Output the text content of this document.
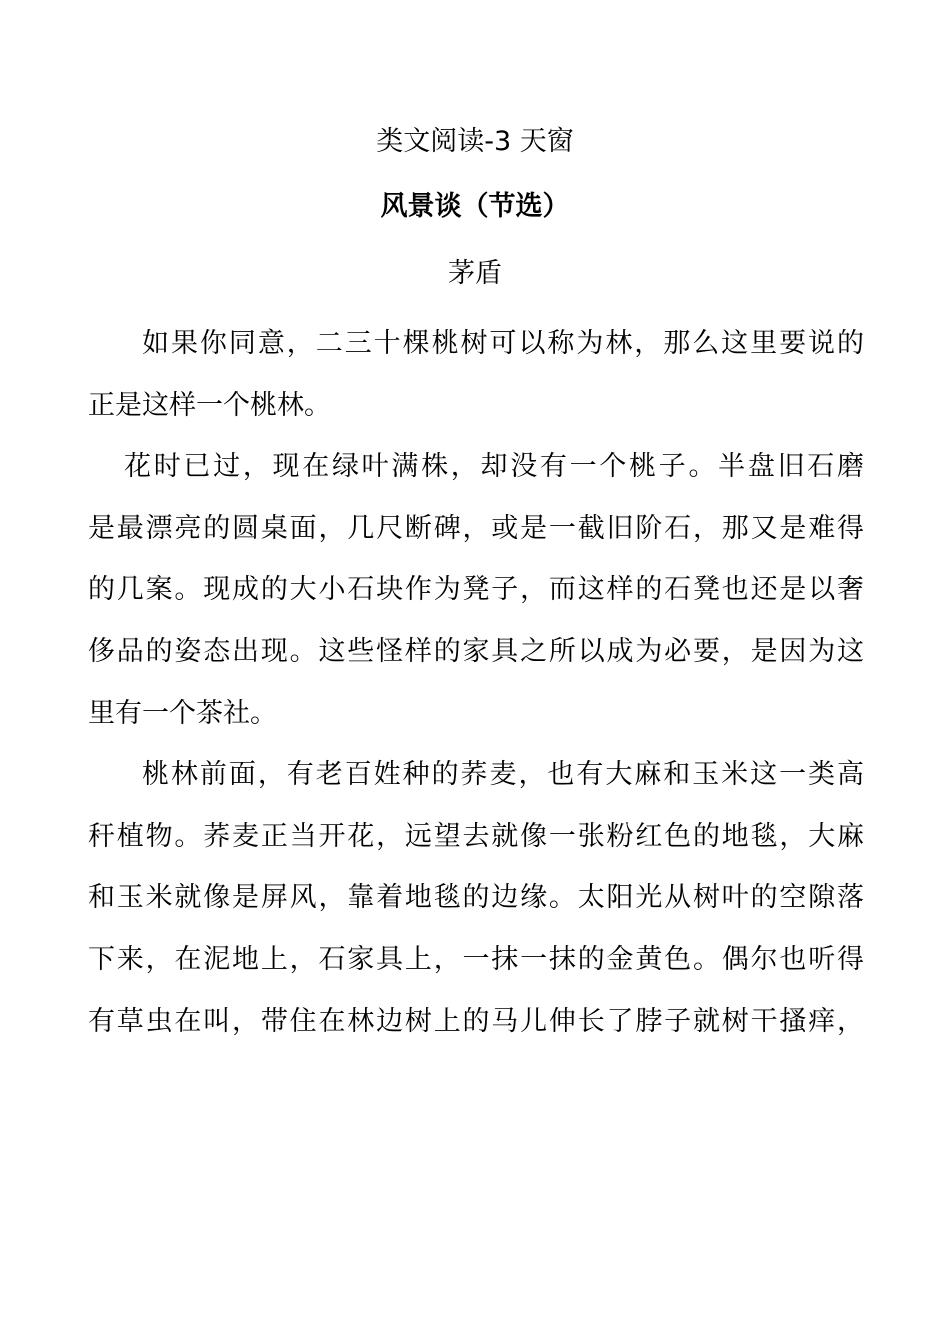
类文阅读-3 天窗
风景谈（节选）
茅盾
如果你同意，二三十棵桃树可以称为林，那么这里要说的
正是这样一个桃林。
花时已过，现在绿叶满株，却没有一个桃子。半盘旧石磨
是最漂亮的圆桌面，几尺断碑，或是一截旧阶石，那又是难得
的几案。现成的大小石块作为凳子，而这样的石凳也还是以奢
侈品的姿态出现。这些怪样的家具之所以成为必要，是因为这
里有一个茶社。
桃林前面，有老百姓种的荞麦，也有大麻和玉米这一类高
秆植物。荞麦正当开花，远望去就像一张粉红色的地毯，大麻
和玉米就像是屏风，靠着地毯的边缘。太阳光从树叶的空隙落
下来，在泥地上，石家具上，一抹一抹的金黄色。偶尔也听得
有草虫在叫，带住在林边树上的马儿伸长了脖子就树干搔痒，
